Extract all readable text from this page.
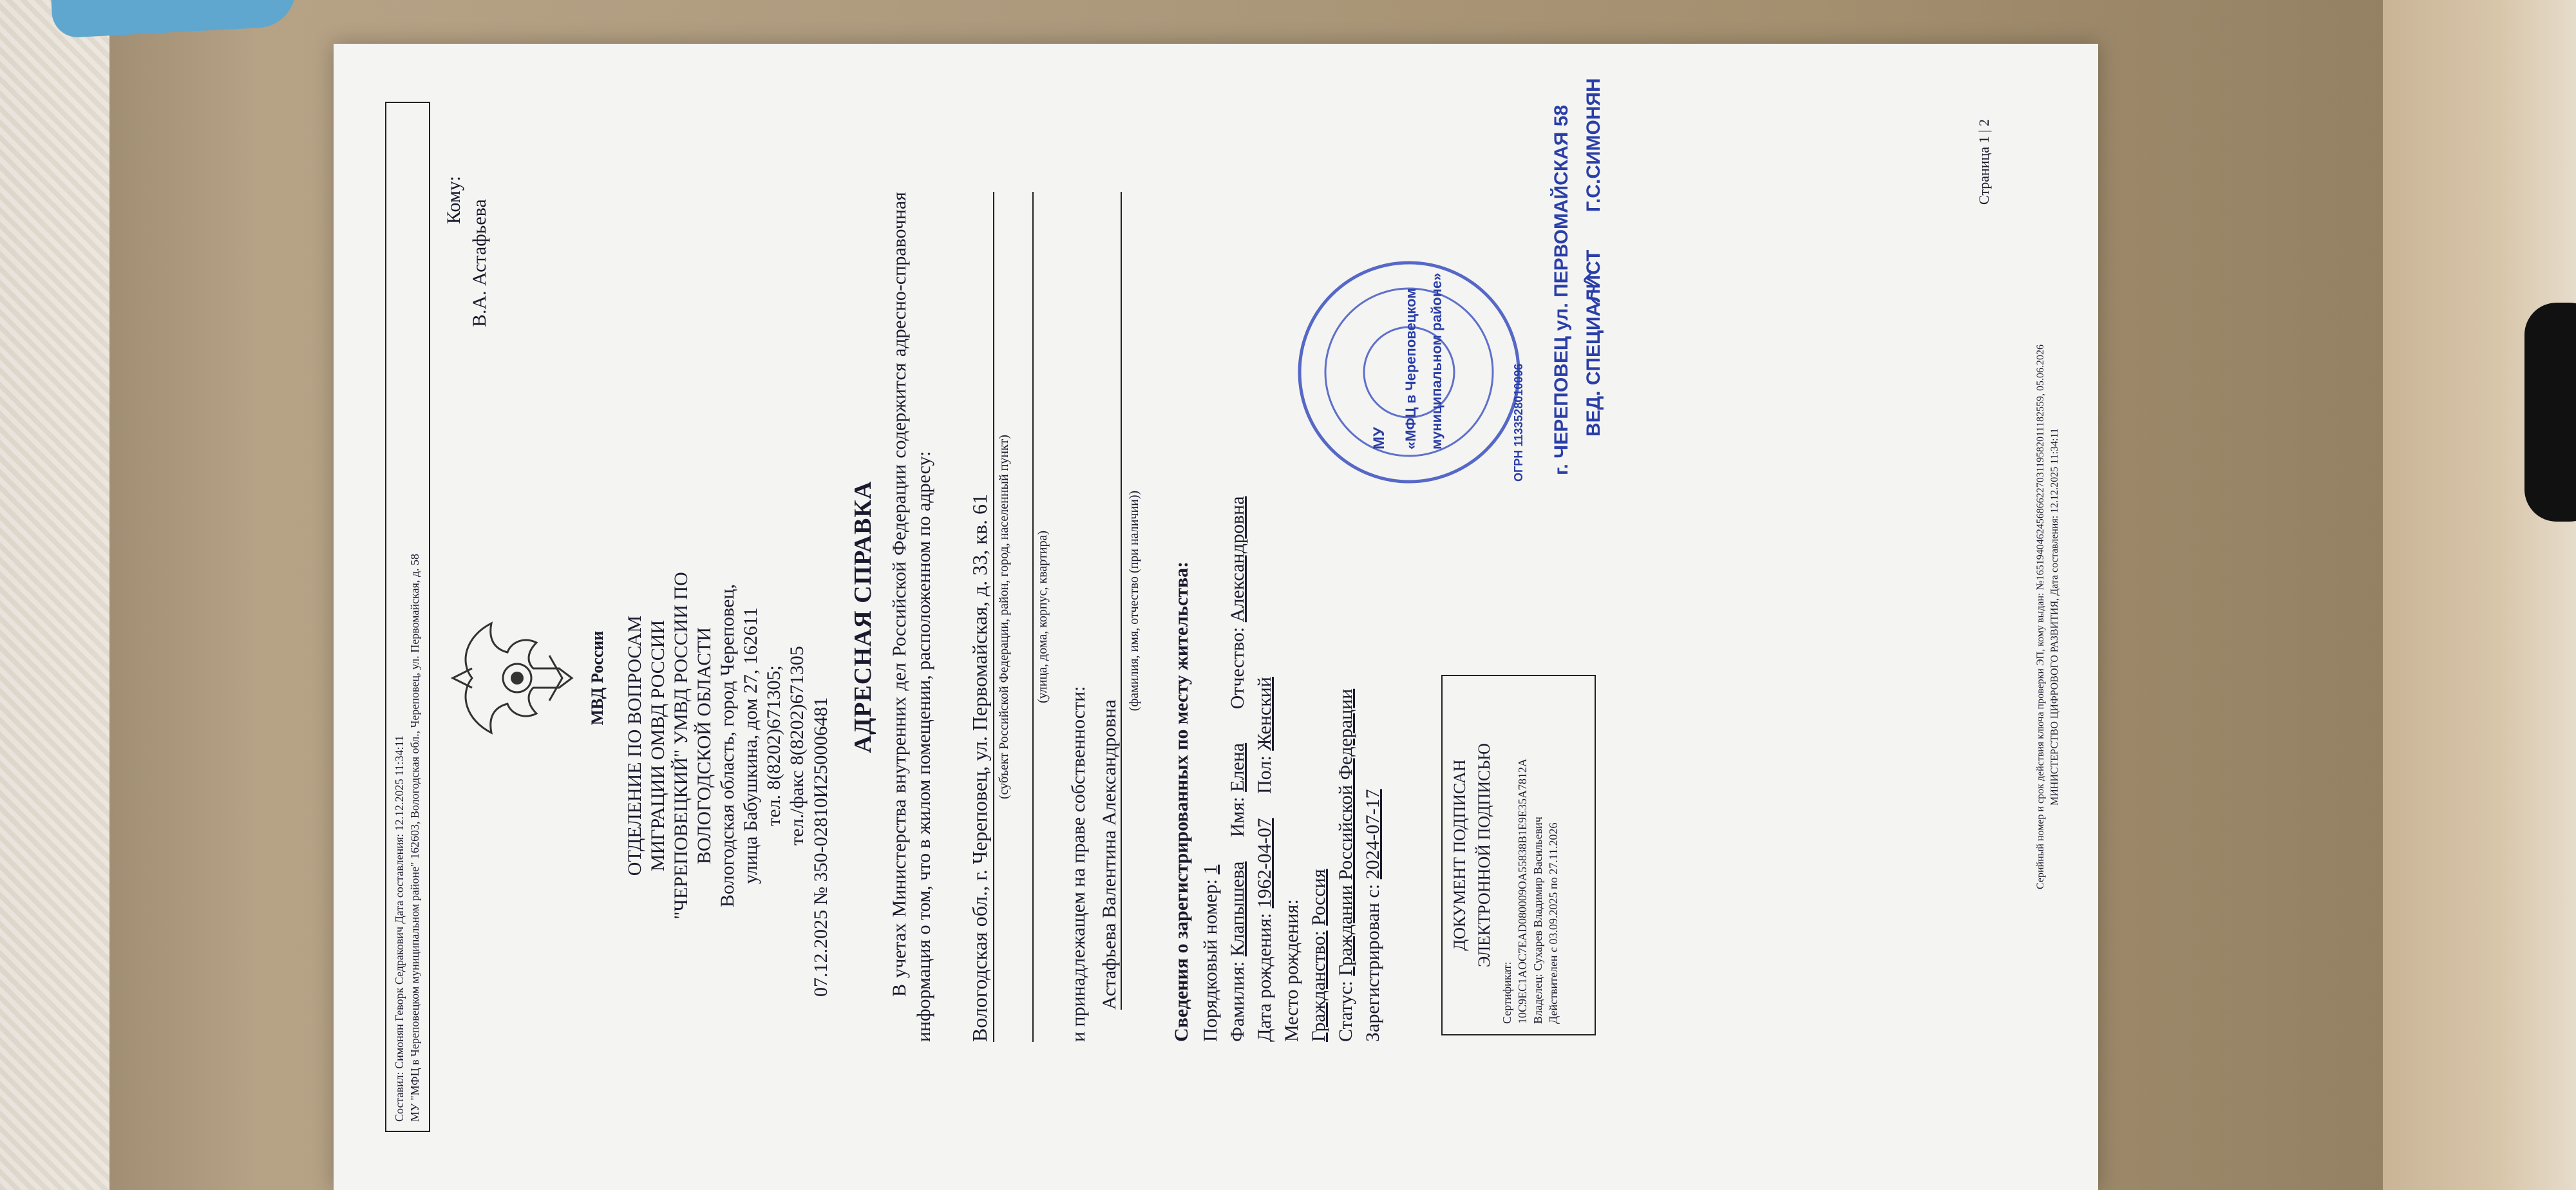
Составил: Симонян Геворк Седракович Дата составления: 12.12.2025 11:34:11 МУ "МФЦ в Череповецком муниципальном районе" 162603, Вологодская обл., Череповец, ул. Первомайская, д. 58	МВД России
Кому: В.А. Астафьева
ОТДЕЛЕНИЕ ПО ВОПРОСАМ МИГРАЦИИ ОМВД РОССИИ "ЧЕРЕПОВЕЦКИЙ" УМВД РОССИИ ПО ВОЛОГОДСКОЙ ОБЛАСТИ Вологодская область, город Череповец, улица Бабушкина, дом 27, 162611 тел. 8(8202)671305; тел./факс 8(8202)671305 07.12.2025 № 350-02810И250006481
АДРЕСНАЯ СПРАВКА В учетах Министерства внутренних дел Российской Федерации содержится адресно-справочная информация о том, что в жилом помещении, расположенном по адресу: Вологодская обл., г. Череповец, ул. Первомайская, д. 33, кв. 61 (субъект Российской Федерации, район, город, населенный пункт) (улица, дома, корпус, квартира)
и принадлежащем на праве собственности: Астафьева Валентина Александровна
(фамилия, имя, отчество (при наличии)) Сведения о зарегистрированных по месту жительства: Порядковый номер: 1
Фамилия: Клапышева     Имя: Елена       Отчество: Александровна
Дата рождения: 1962-04-07     Пол: Женский
Место рождения: Гражданство: Россия
Статус: Граждании Российской Федерации Зарегистрирован с: 2024-07-17	ДОКУМЕНТ ПОДПИСАН ЭЛЕКТРОННОЙ ПОДПИСЬЮ
Сертификат: 10C9EC1AOC7EAD080009OA55838B1E9E35A7812A Владелец: Сухарев Владимир Васильевич Действителен с 03.09.2025 по 27.11.2026
МУ «МФЦ в Череповецком муниципальном районе»	ОГРН 1133528010096 г. ЧЕРЕПОВЕЦ ул. ПЕРВОМАЙСКАЯ 58 ВЕД. СПЕЦИАЛИСТ       Г.С.СИМОНЯН	Страница 1 | 2
Серийный номер и срок действия ключа проверки ЭП, кому выдан: №165194046245686622703119582011182559, 05.06.2026 МИНИСТЕРСТВО ЦИФРОВОГО РАЗВИТИЯ, Дата составления: 12.12.2025 11:34:11
